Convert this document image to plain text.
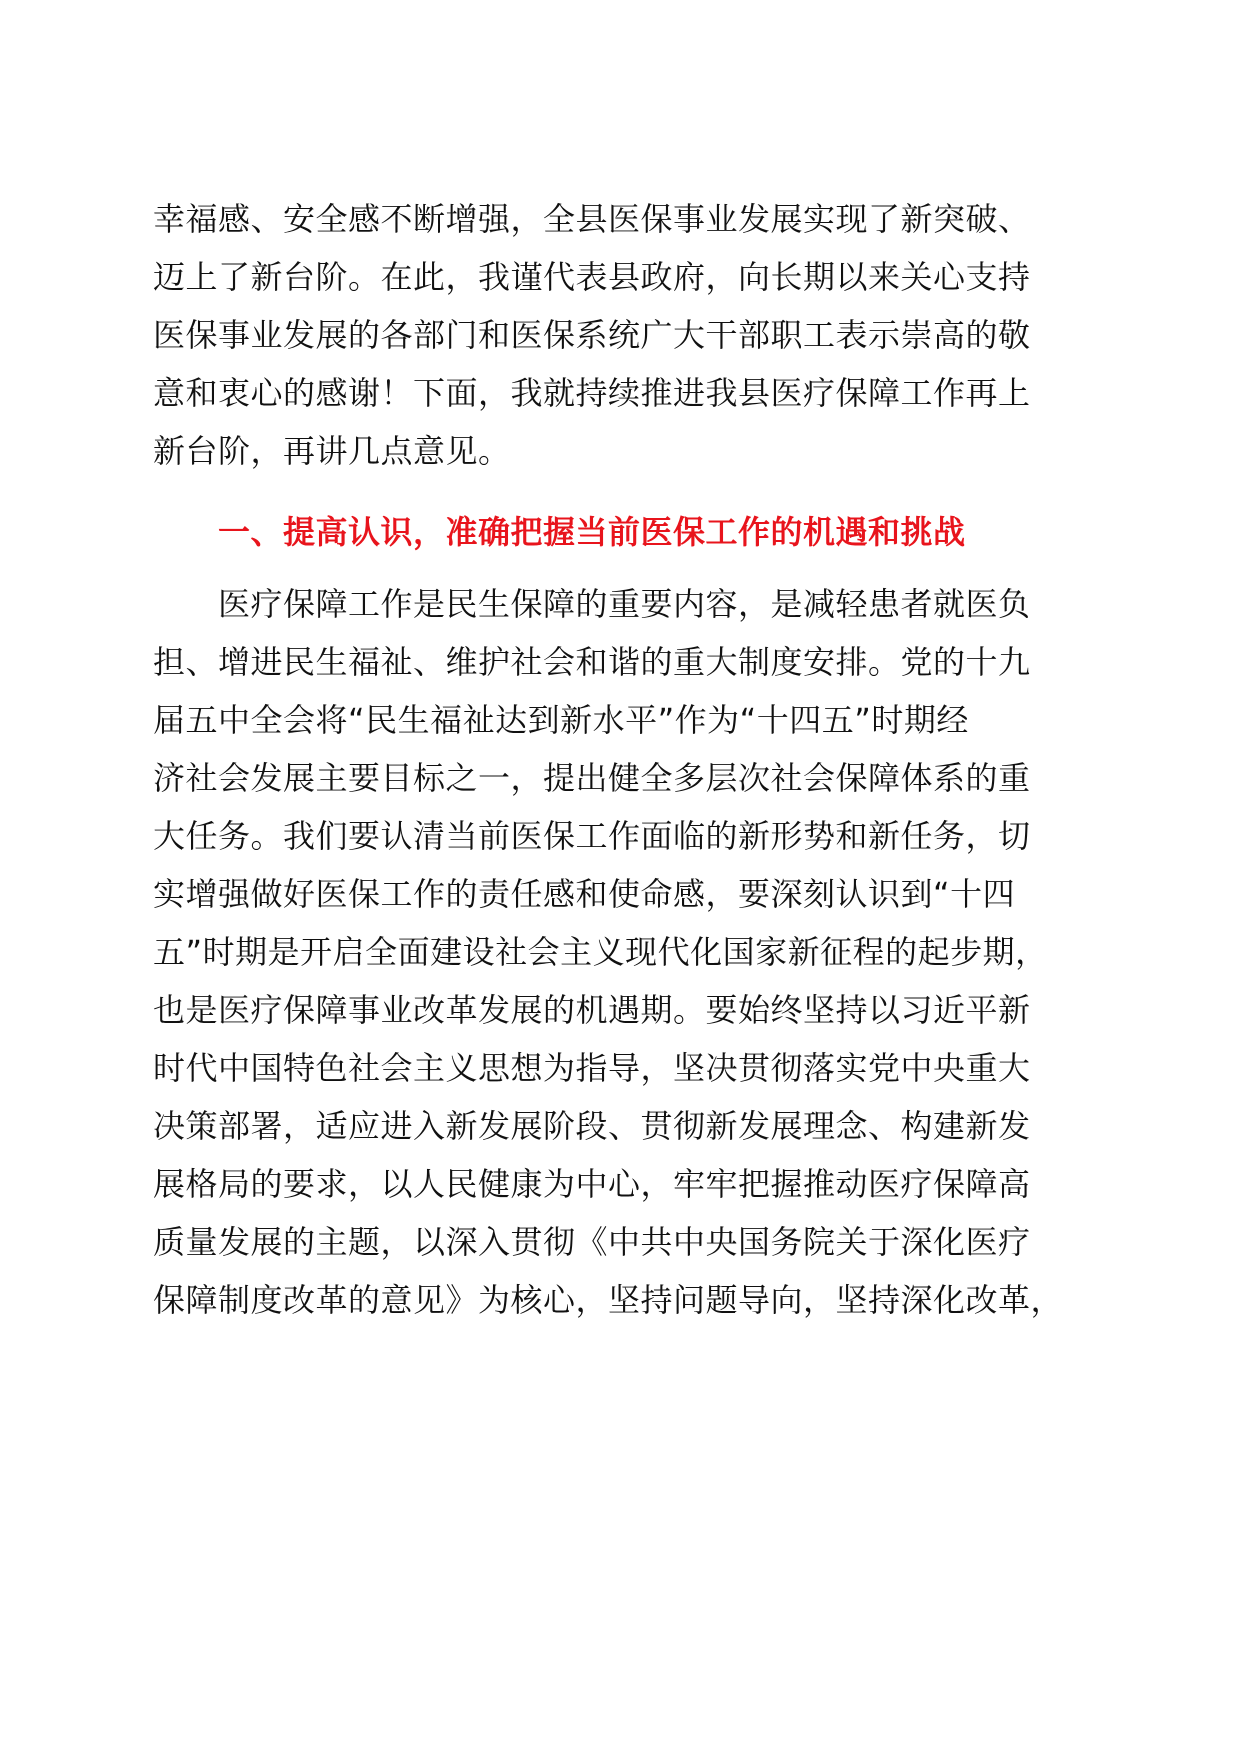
幸福感、安全感不断增强，全县医保事业发展实现了新突破、

迈上了新台阶。在此，我谨代表县政府，向长期以来关心支持

医保事业发展的各部门和医保系统广大干部职工表示崇高的敬

意和衷心的感谢！下面，我就持续推进我县医疗保障工作再上

新台阶，再讲几点意见。

一、提高认识，准确把握当前医保工作的机遇和挑战

医疗保障工作是民生保障的重要内容，是减轻患者就医负

担、增进民生福祉、维护社会和谐的重大制度安排。党的十九

届五中全会将“民生福祉达到新水平”作为“十四五”时期经

济社会发展主要目标之一，提出健全多层次社会保障体系的重

大任务。我们要认清当前医保工作面临的新形势和新任务，切

实增强做好医保工作的责任感和使命感，要深刻认识到“十四

五”时期是开启全面建设社会主义现代化国家新征程的起步期，

也是医疗保障事业改革发展的机遇期。要始终坚持以习近平新

时代中国特色社会主义思想为指导，坚决贯彻落实党中央重大

决策部署，适应进入新发展阶段、贯彻新发展理念、构建新发

展格局的要求，以人民健康为中心，牢牢把握推动医疗保障高

质量发展的主题，以深入贯彻《中共中央国务院关于深化医疗

保障制度改革的意见》为核心，坚持问题导向，坚持深化改革，
